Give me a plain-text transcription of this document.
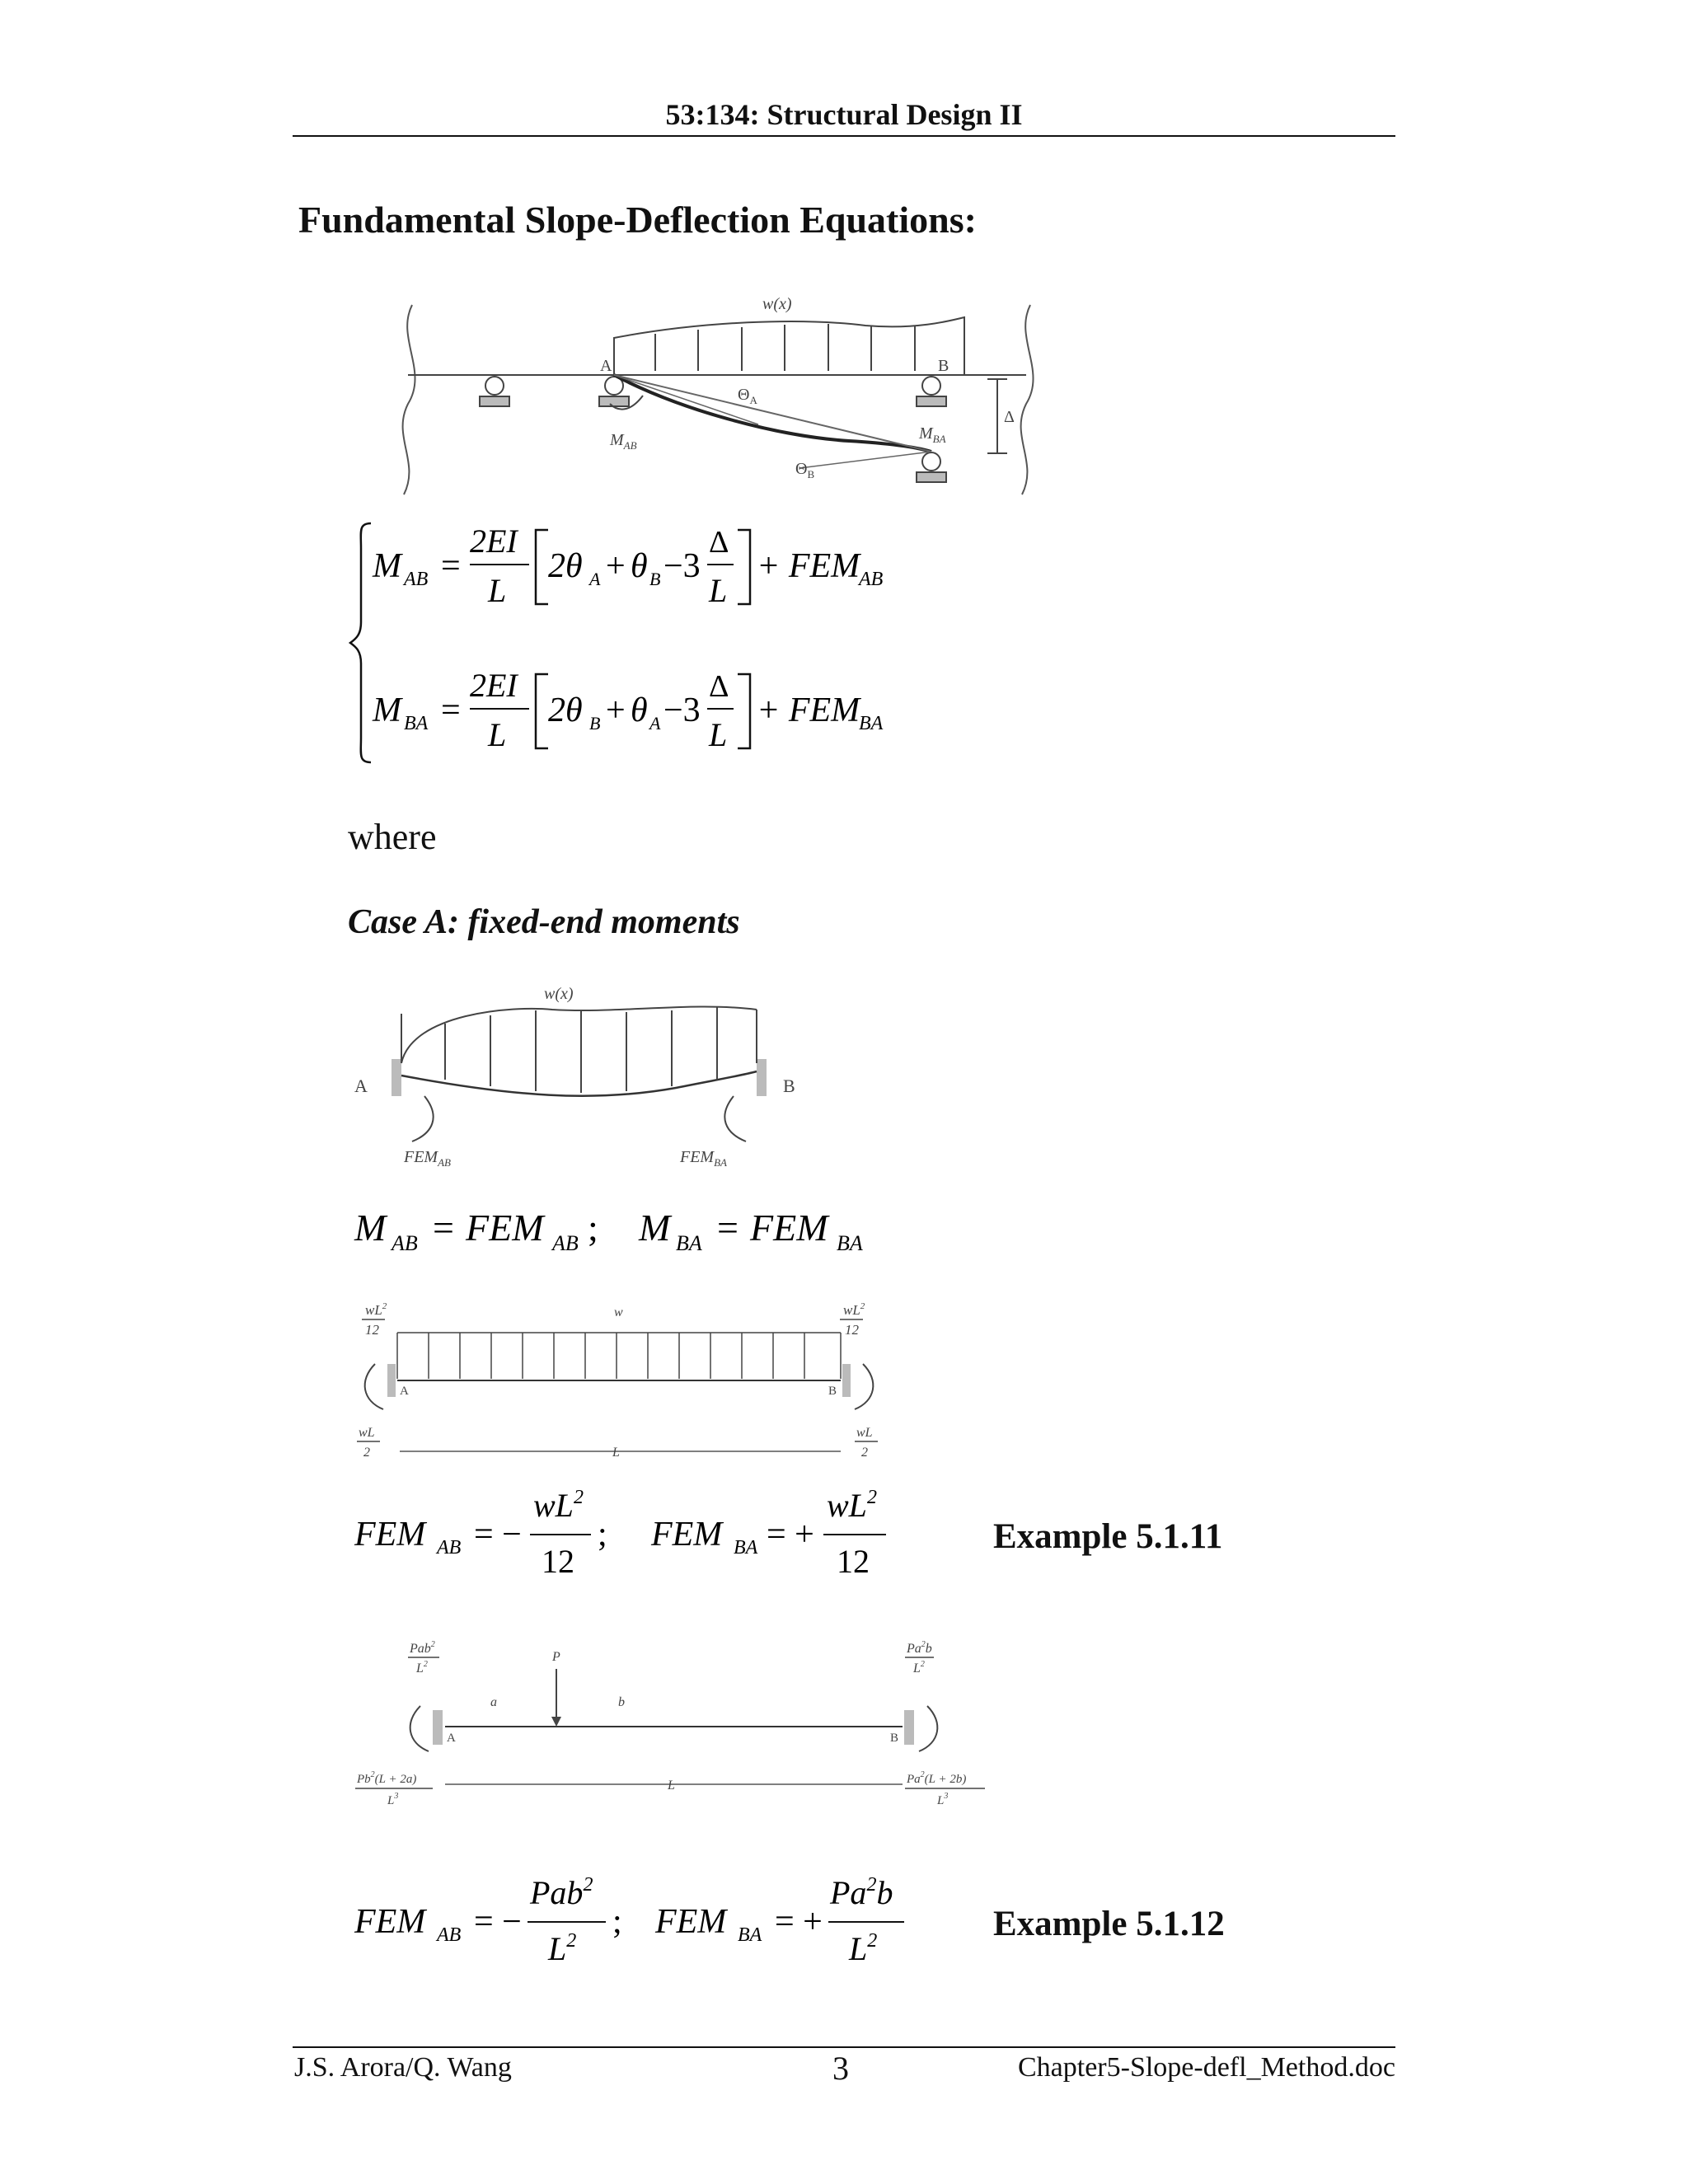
53:134: Structural Design II
Fundamental Slope-Deflection Equations:
w(x)
A	B
$\Theta_A$
$\Theta_B$
$M_{AB}$
$M_{BA}$
Δ
M AB =
2EI
L
2θ A + θ B −3
Δ
L
+ FEM
AB
M BA =
2EI
L
2θ B + θ A −3
Δ
L
+ FEM
BA
where
Case A: fixed-end moments
w(x)
A	B
$FEM_{AB}$	$FEM_{BA}$
M AB = FEM AB ; M BA = FEM BA
$wL^2$
12
$wL^2$
12
w
A	B
wL
2
wL
2
L
FEM AB = −
$wL^2$
12
; FEM BA = +
$wL^2$
12
Example 5.1.11
Pab$^2$
$L^2$
Pa$^2$b
$L^2$
P
a	b
A	B
$Pb^2(L + 2a)$
$L^3$
$Pa^2(L + 2b)$
$L^3$
L
FEM AB = −
Pab$^2$
$L^2$ ; FEM BA = +
$Pa^2b$
$L^2$	Example 5.1.12
J.S. Arora/Q. Wang	3	Chapter5-Slope-defl_Method.doc
